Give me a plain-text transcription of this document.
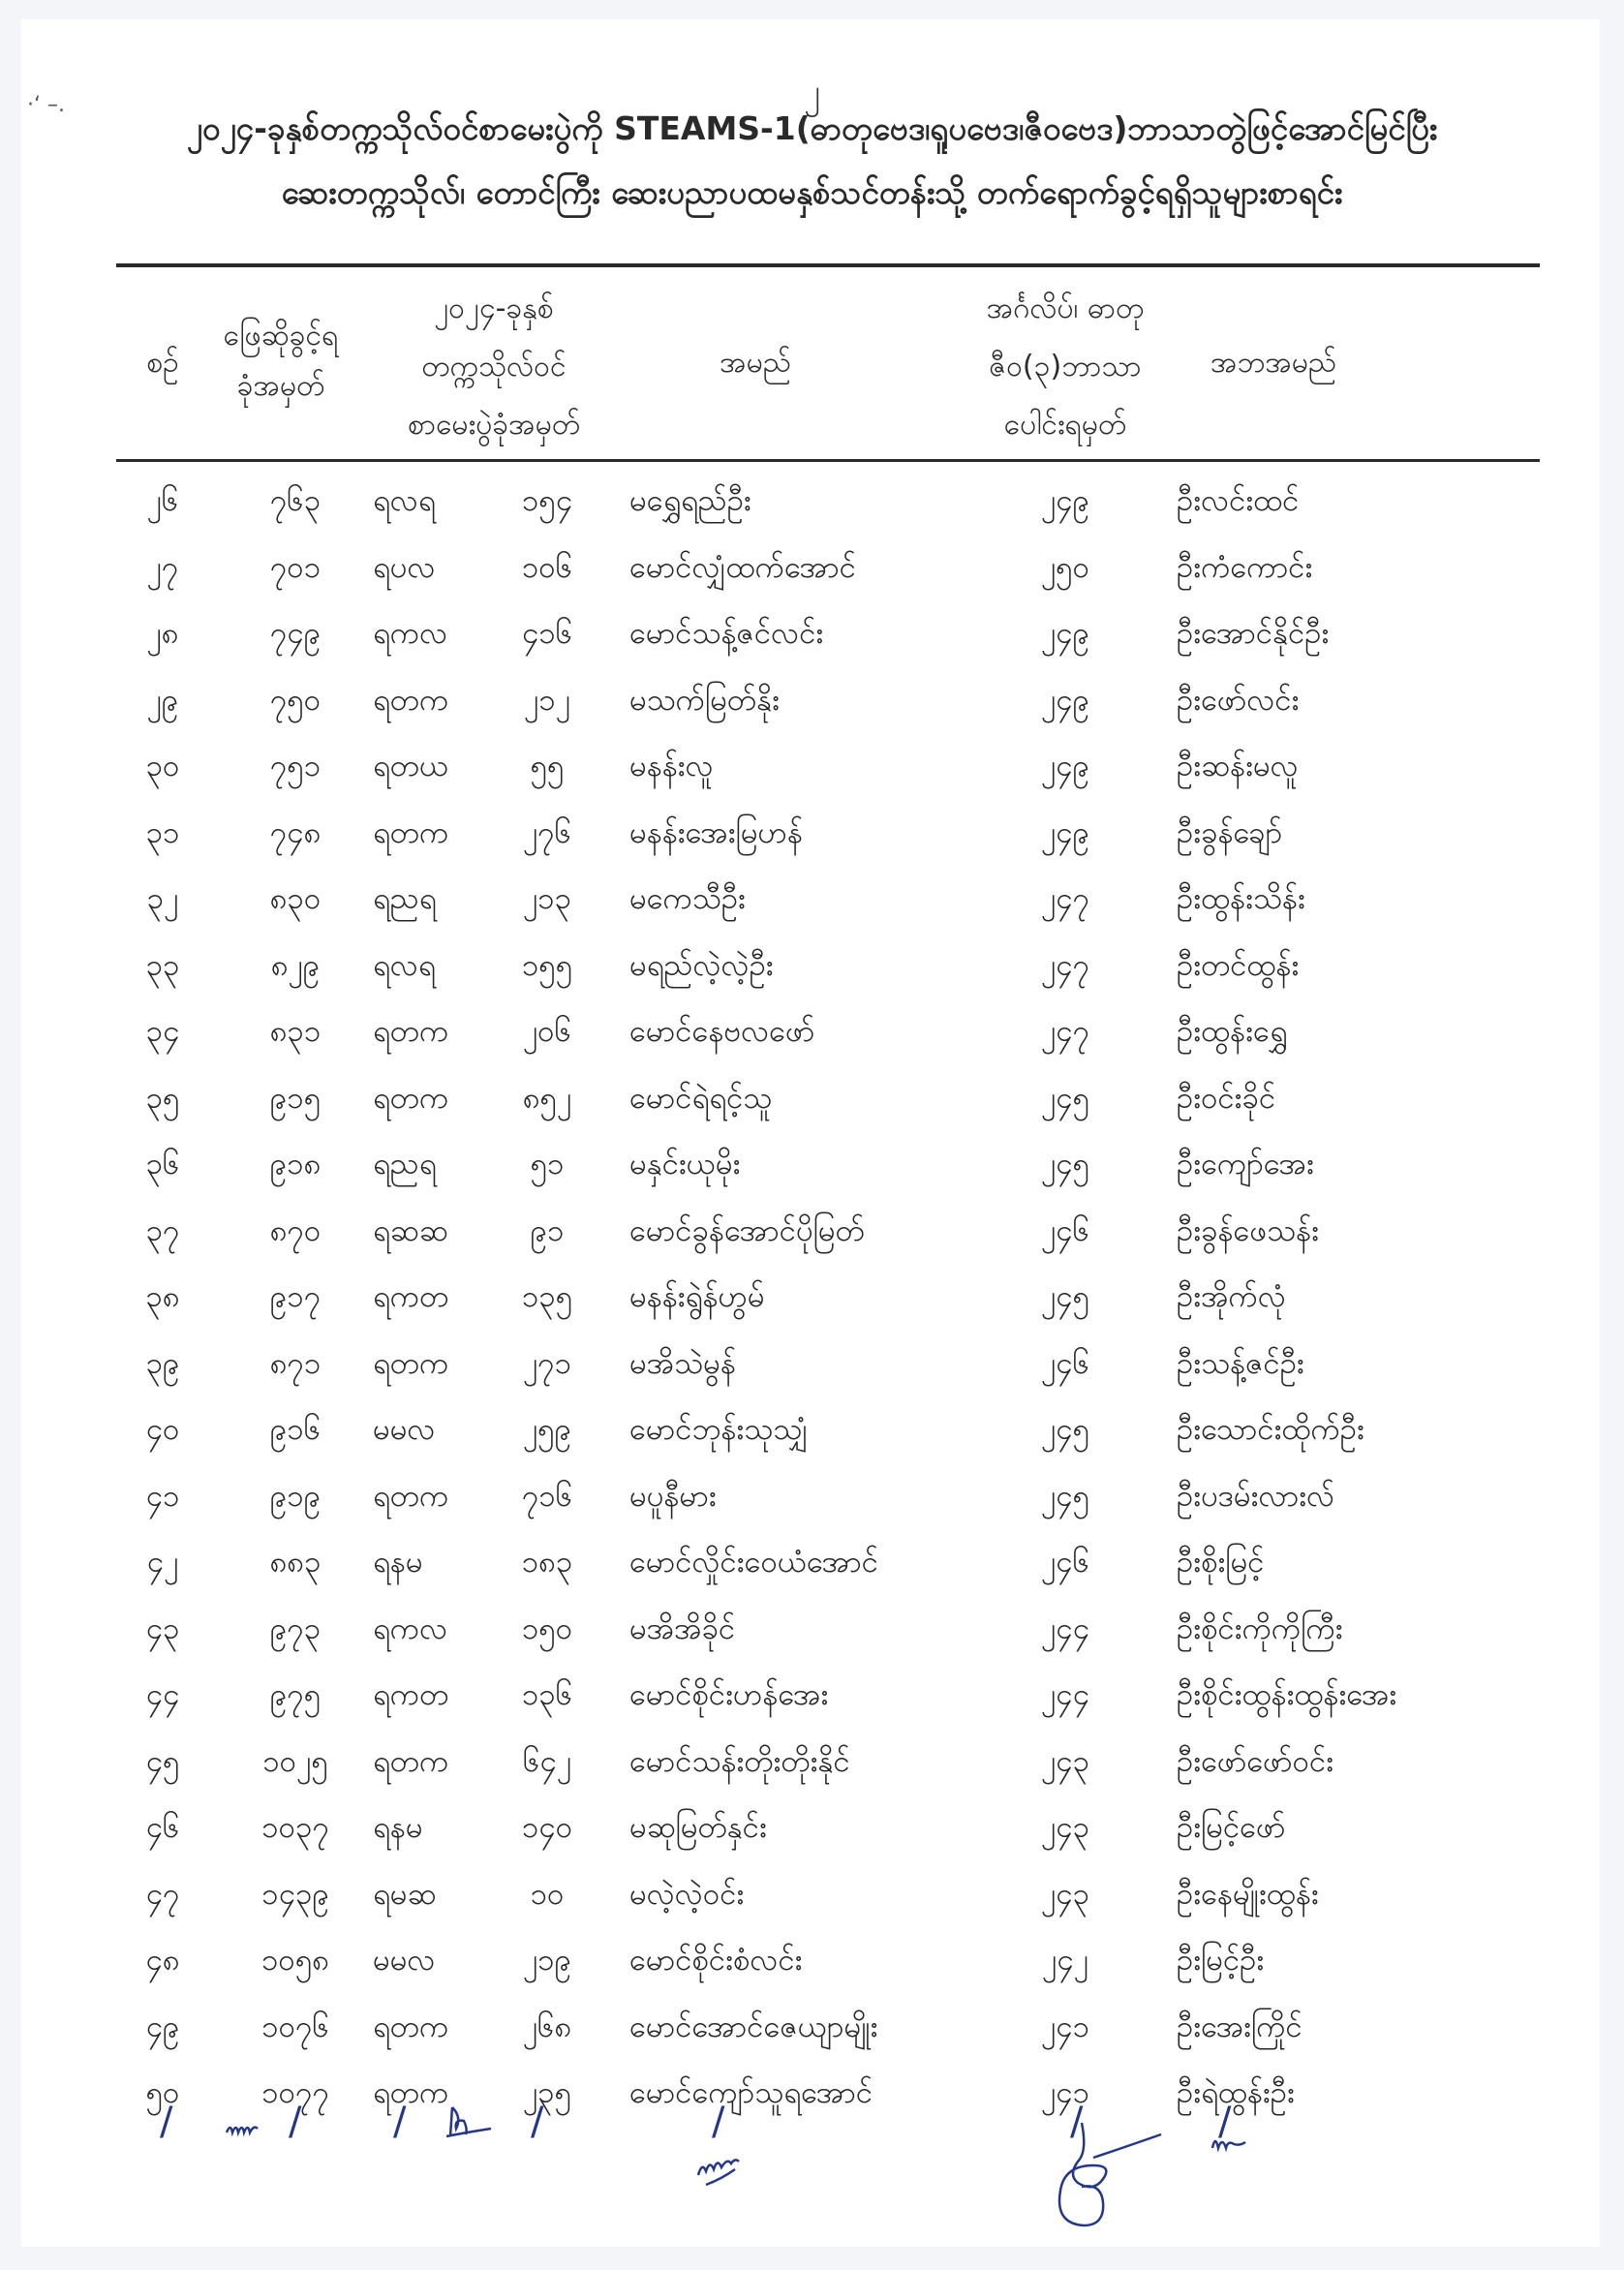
·‘ –.	၂
၂၀၂၄-ခုနှစ်တက္ကသိုလ်ဝင်စာမေးပွဲကို STEAMS-1(ဓာတုဗေဒ၊ရူပဗေဒ၊ဇီဝဗေဒ)ဘာသာတွဲဖြင့်အောင်မြင်ပြီး
ဆေးတက္ကသိုလ်၊ တောင်ကြီး ဆေးပညာပထမနှစ်သင်တန်းသို့ တက်ရောက်ခွင့်ရရှိသူများစာရင်း
စဉ်
ဖြေဆိုခွင့်ရ
ခုံအမှတ်
၂၀၂၄-ခုနှစ်
တက္ကသိုလ်ဝင်
စာမေးပွဲခုံအမှတ်
အမည်
အင်္ဂလိပ်၊ ဓာတု
ဇီဝ(၃)ဘာသာ
ပေါင်းရမှတ်
အဘအမည်
၂၆	၇၆၃	ရလရ	၁၅၄ မရွှေရည်ဦး	၂၄၉	ဦးလင်းထင်
၂၇	၇၀၁	ရပလ	၁၀၆ မောင်လျှံထက်အောင်	၂၅၀	ဦးကံကောင်း
၂၈	၇၄၉	ရကလ ၄၁၆ မောင်သန့်ဇင်လင်း	၂၄၉	ဦးအောင်နိုင်ဦး
၂၉	၇၅၀	ရတက	၂၁၂	မသက်မြတ်နိုး	၂၄၉	ဦးဖော်လင်း
၃၀	၇၅၁	ရတယ	၅၅	မနန်းလူ	၂၄၉	ဦးဆန်းမလူ
၃၁	၇၄၈	ရတက	၂၇၆	မနန်းအေးမြဟန်	၂၄၉	ဦးခွန်ချော်
၃၂	၈၃၀	ရညရ	၂၁၃	မကေသီဦး	၂၄၇	ဦးထွန်းသိန်း
၃၃	၈၂၉	ရလရ	၁၅၅ မရည်လဲ့လဲ့ဦး	၂၄၇	ဦးတင်ထွန်း
၃၄	၈၃၁	ရတက	၂၀၆	မောင်နေဗလဖော်	၂၄၇	ဦးထွန်းရွှေ
၃၅	၉၁၅	ရတက	၈၅၂	မောင်ရဲရင့်သူ	၂၄၅	ဦးဝင်းခိုင်
၃၆	၉၁၈	ရညရ	၅၁	မနှင်းယုမိုး	၂၄၅	ဦးကျော်အေး
၃၇	၈၇၀	ရဆဆ	၉၁	မောင်ခွန်အောင်ပိုမြတ်	၂၄၆	ဦးခွန်ဖေသန်း
၃၈	၉၁၇	ရကတ ၁၃၅ မနန်းရွဲန်ဟွမ်	၂၄၅	ဦးအိုက်လုံ
၃၉	၈၇၁	ရတက	၂၇၁	မအိသဲမွန်	၂၄၆	ဦးသန့်ဇင်ဦး
၄၀	၉၁၆	မမလ	၂၅၉	မောင်ဘုန်းသုသျှံ	၂၄၅	ဦးသောင်းထိုက်ဦး
၄၁	၉၁၉	ရတက ၇၁၆ မပူနီမား	၂၄၅	ဦးပဒမ်းလားလ်
၄၂	၈၈၃	ရနမ	၁၈၃ မောင်လှိုင်းဝေယံအောင်	၂၄၆	ဦးစိုးမြင့်
၄၃	၉၇၃	ရကလ ၁၅၀ မအိအိခိုင်	၂၄၄	ဦးစိုင်းကိုကိုကြီး
၄၄	၉၇၅	ရကတ ၁၃၆ မောင်စိုင်းဟန်အေး	၂၄၄	ဦးစိုင်းထွန်းထွန်းအေး
၄၅	၁၀၂၅	ရတက	၆၄၂	မောင်သန်းတိုးတိုးနိုင်	၂၄၃	ဦးဖော်ဖော်ဝင်း
၄၆	၁၀၃၇	ရနမ	၁၄၀ မဆုမြတ်နှင်း	၂၄၃	ဦးမြင့်ဖော်
၄၇	၁၄၃၉	ရမဆ	၁၀	မလဲ့လဲ့ဝင်း	၂၄၃	ဦးနေမျိုးထွန်း
၄၈	၁၀၅၈	မမလ	၂၁၉	မောင်စိုင်းစံလင်း	၂၄၂	ဦးမြင့်ဦး
၄၉	၁၀၇၆	ရတက	၂၆၈	မောင်အောင်ဇေယျာမျိုး	၂၄၁	ဦးအေးကြိုင်
၅၀	၁၀၇၇	ရတက	၂၃၅	မောင်ကျော်သူရအောင်	၂၄၁	ဦးရဲထွန်းဦး
/	/ /	/	/	/	/
